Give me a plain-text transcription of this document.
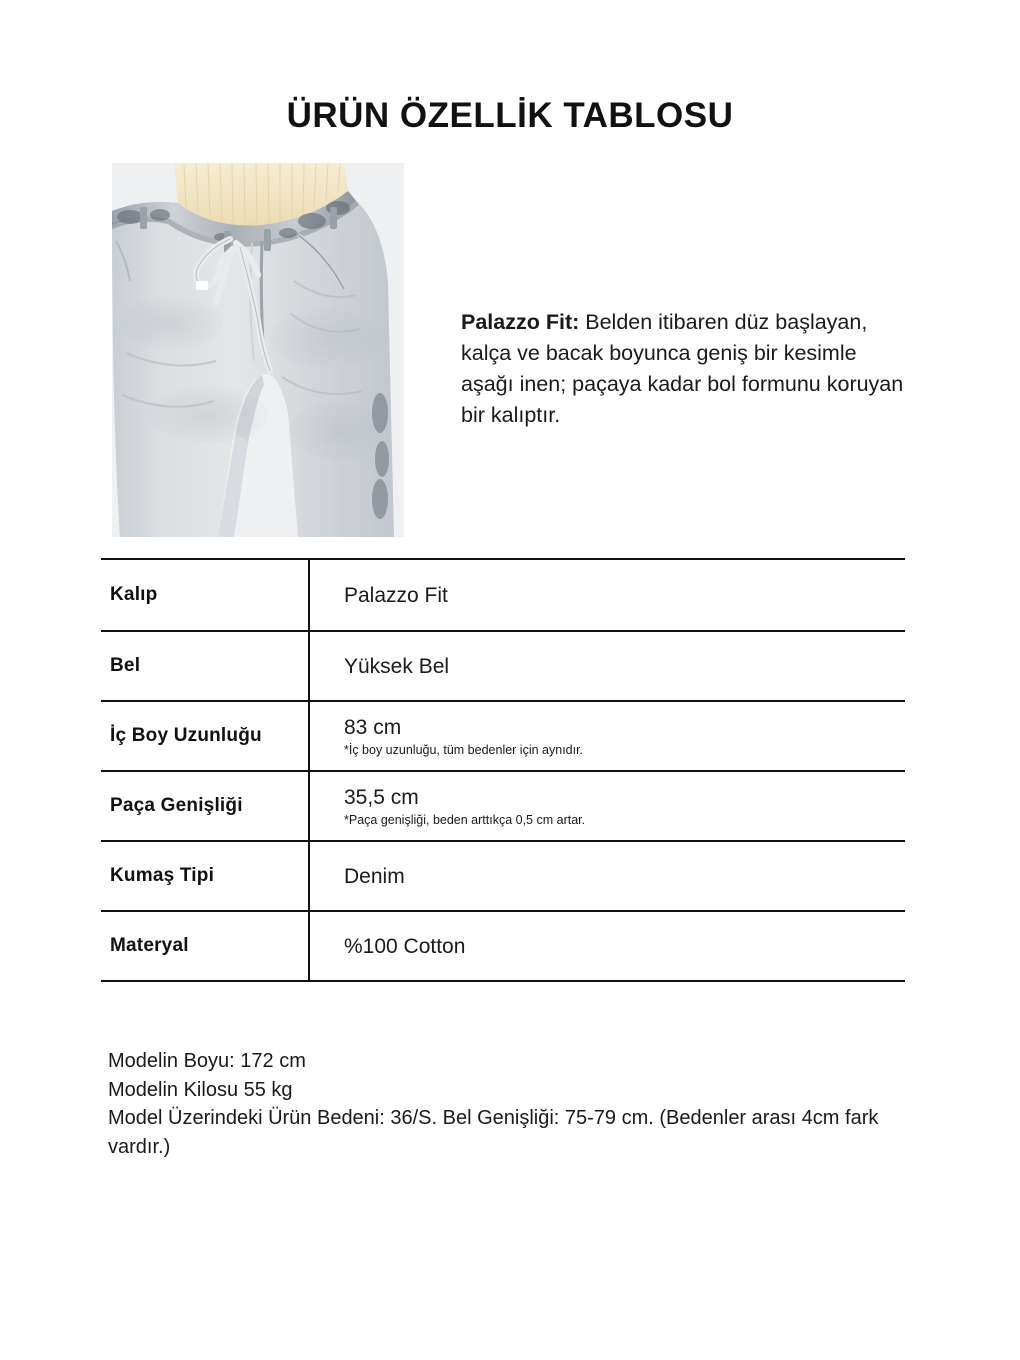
ÜRÜN ÖZELLİK TABLOSU
Palazzo Fit: Belden itibaren düz başlayan, kalça ve bacak boyunca geniş bir kesimle aşağı inen; paçaya kadar bol formunu koruyan bir kalıptır.
Kalıp	Palazzo Fit
Bel	Yüksek Bel
İç Boy Uzunluğu	83 cm
*İç boy uzunluğu, tüm bedenler için aynıdır.
Paça Genişliği	35,5 cm
*Paça genişliği, beden arttıkça 0,5 cm artar.
Kumaş Tipi	Denim
Materyal	%100 Cotton
Modelin Boyu: 172 cm
Modelin Kilosu 55 kg
Model Üzerindeki Ürün Bedeni: 36/S. Bel Genişliği: 75-79 cm. (Bedenler arası 4cm fark vardır.)
